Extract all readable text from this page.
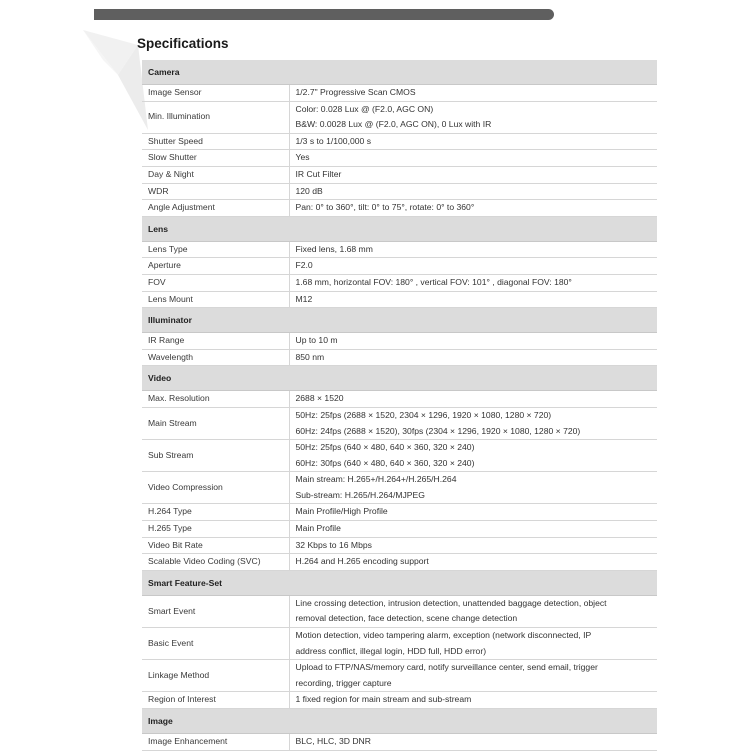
Specifications
Camera	
Image Sensor	1/2.7" Progressive Scan CMOS

Min. Illumination	Color: 0.028 Lux @ (F2.0, AGC ON)
B&W: 0.0028 Lux @ (F2.0, AGC ON), 0 Lux with IR

Shutter Speed	1/3 s to 1/100,000 s

Slow Shutter	Yes

Day & Night	IR Cut Filter

WDR	120 dB

Angle Adjustment	Pan: 0° to 360°, tilt: 0° to 75°, rotate: 0° to 360°

Lens	
Lens Type	Fixed lens, 1.68 mm

Aperture	F2.0

FOV	1.68 mm, horizontal FOV: 180° , vertical FOV: 101° , diagonal FOV: 180°

Lens Mount	M12

Illuminator	
IR Range	Up to 10 m

Wavelength	850 nm

Video	
Max. Resolution	2688 × 1520

Main Stream	50Hz: 25fps (2688 × 1520, 2304 × 1296, 1920 × 1080, 1280 × 720)
60Hz: 24fps (2688 × 1520), 30fps (2304 × 1296, 1920 × 1080, 1280 × 720)

Sub Stream	50Hz: 25fps (640 × 480, 640 × 360, 320 × 240)
60Hz: 30fps (640 × 480, 640 × 360, 320 × 240)

Video Compression	Main stream: H.265+/H.264+/H.265/H.264
Sub-stream: H.265/H.264/MJPEG

H.264 Type	Main Profile/High Profile

H.265 Type	Main Profile

Video Bit Rate	32 Kbps to 16 Mbps

Scalable Video Coding (SVC)	H.264 and H.265 encoding support

Smart Feature-Set	
Smart Event	Line crossing detection, intrusion detection, unattended baggage detection, object
removal detection, face detection, scene change detection

Basic Event	Motion detection, video tampering alarm, exception (network disconnected, IP
address conflict, illegal login, HDD full, HDD error)

Linkage Method	Upload to FTP/NAS/memory card, notify surveillance center, send email, trigger
recording, trigger capture

Region of Interest	1 fixed region for main stream and sub-stream

Image	
Image Enhancement	BLC, HLC, 3D DNR
